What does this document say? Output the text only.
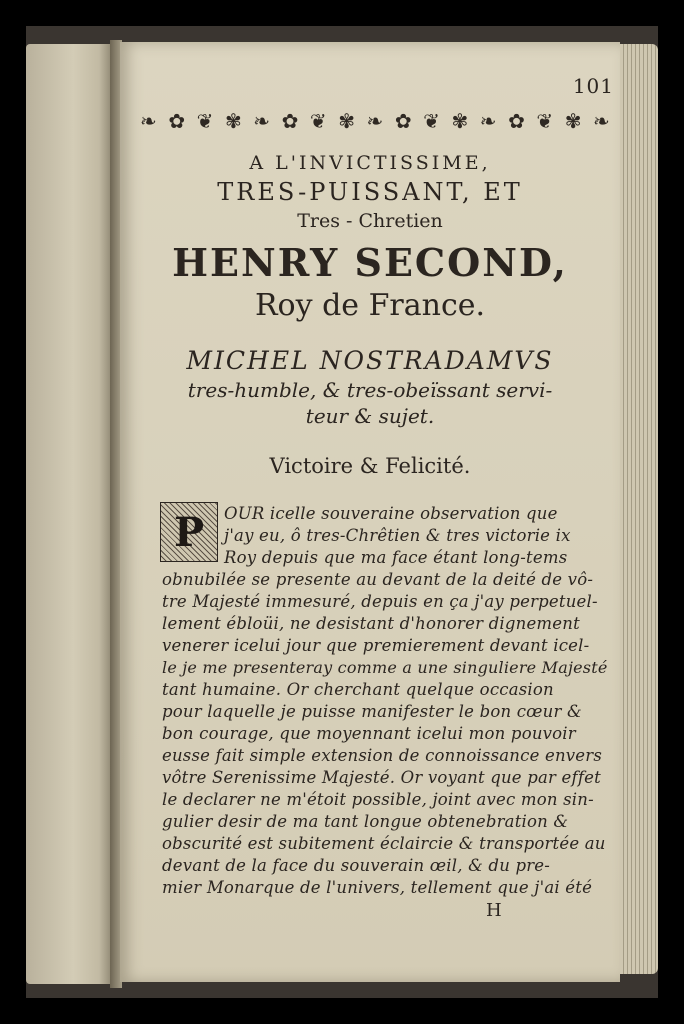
101
❧ ✿ ❦ ✾ ❧ ✿ ❦ ✾ ❧ ✿ ❦ ✾ ❧ ✿ ❦ ✾ ❧
A L'INVICTISSIME,
TRES-PUISSANT, ET
Tres - Chretien
HENRY SECOND,
Roy de France.
MICHEL NOSTRADAMVS
tres-humble, & tres-obeïssant servi-
teur & sujet.
Victoire & Felicité.
P	OUR icelle souveraine observation que
j'ay eu, ô tres-Chrêtien & tres victorie ix
Roy depuis que ma face étant long-tems
obnubilée se presente au devant de la deité de vô-
tre Majesté immesuré, depuis en ça j'ay perpetuel-
lement ébloüi, ne desistant d'honorer dignement
venerer icelui jour que premierement devant icel-
le je me presenteray comme a une singuliere Majesté
tant humaine. Or cherchant quelque occasion
pour laquelle je puisse manifester le bon cœur &
bon courage, que moyennant icelui mon pouvoir
eusse fait simple extension de connoissance envers
vôtre Serenissime Majesté. Or voyant que par effet
le declarer ne m'étoit possible, joint avec mon sin-
gulier desir de ma tant longue obtenebration &
obscurité est subitement éclaircie & transportée au
devant de la face du souverain œil, & du pre-
mier Monarque de l'univers, tellement que j'ai été
H
